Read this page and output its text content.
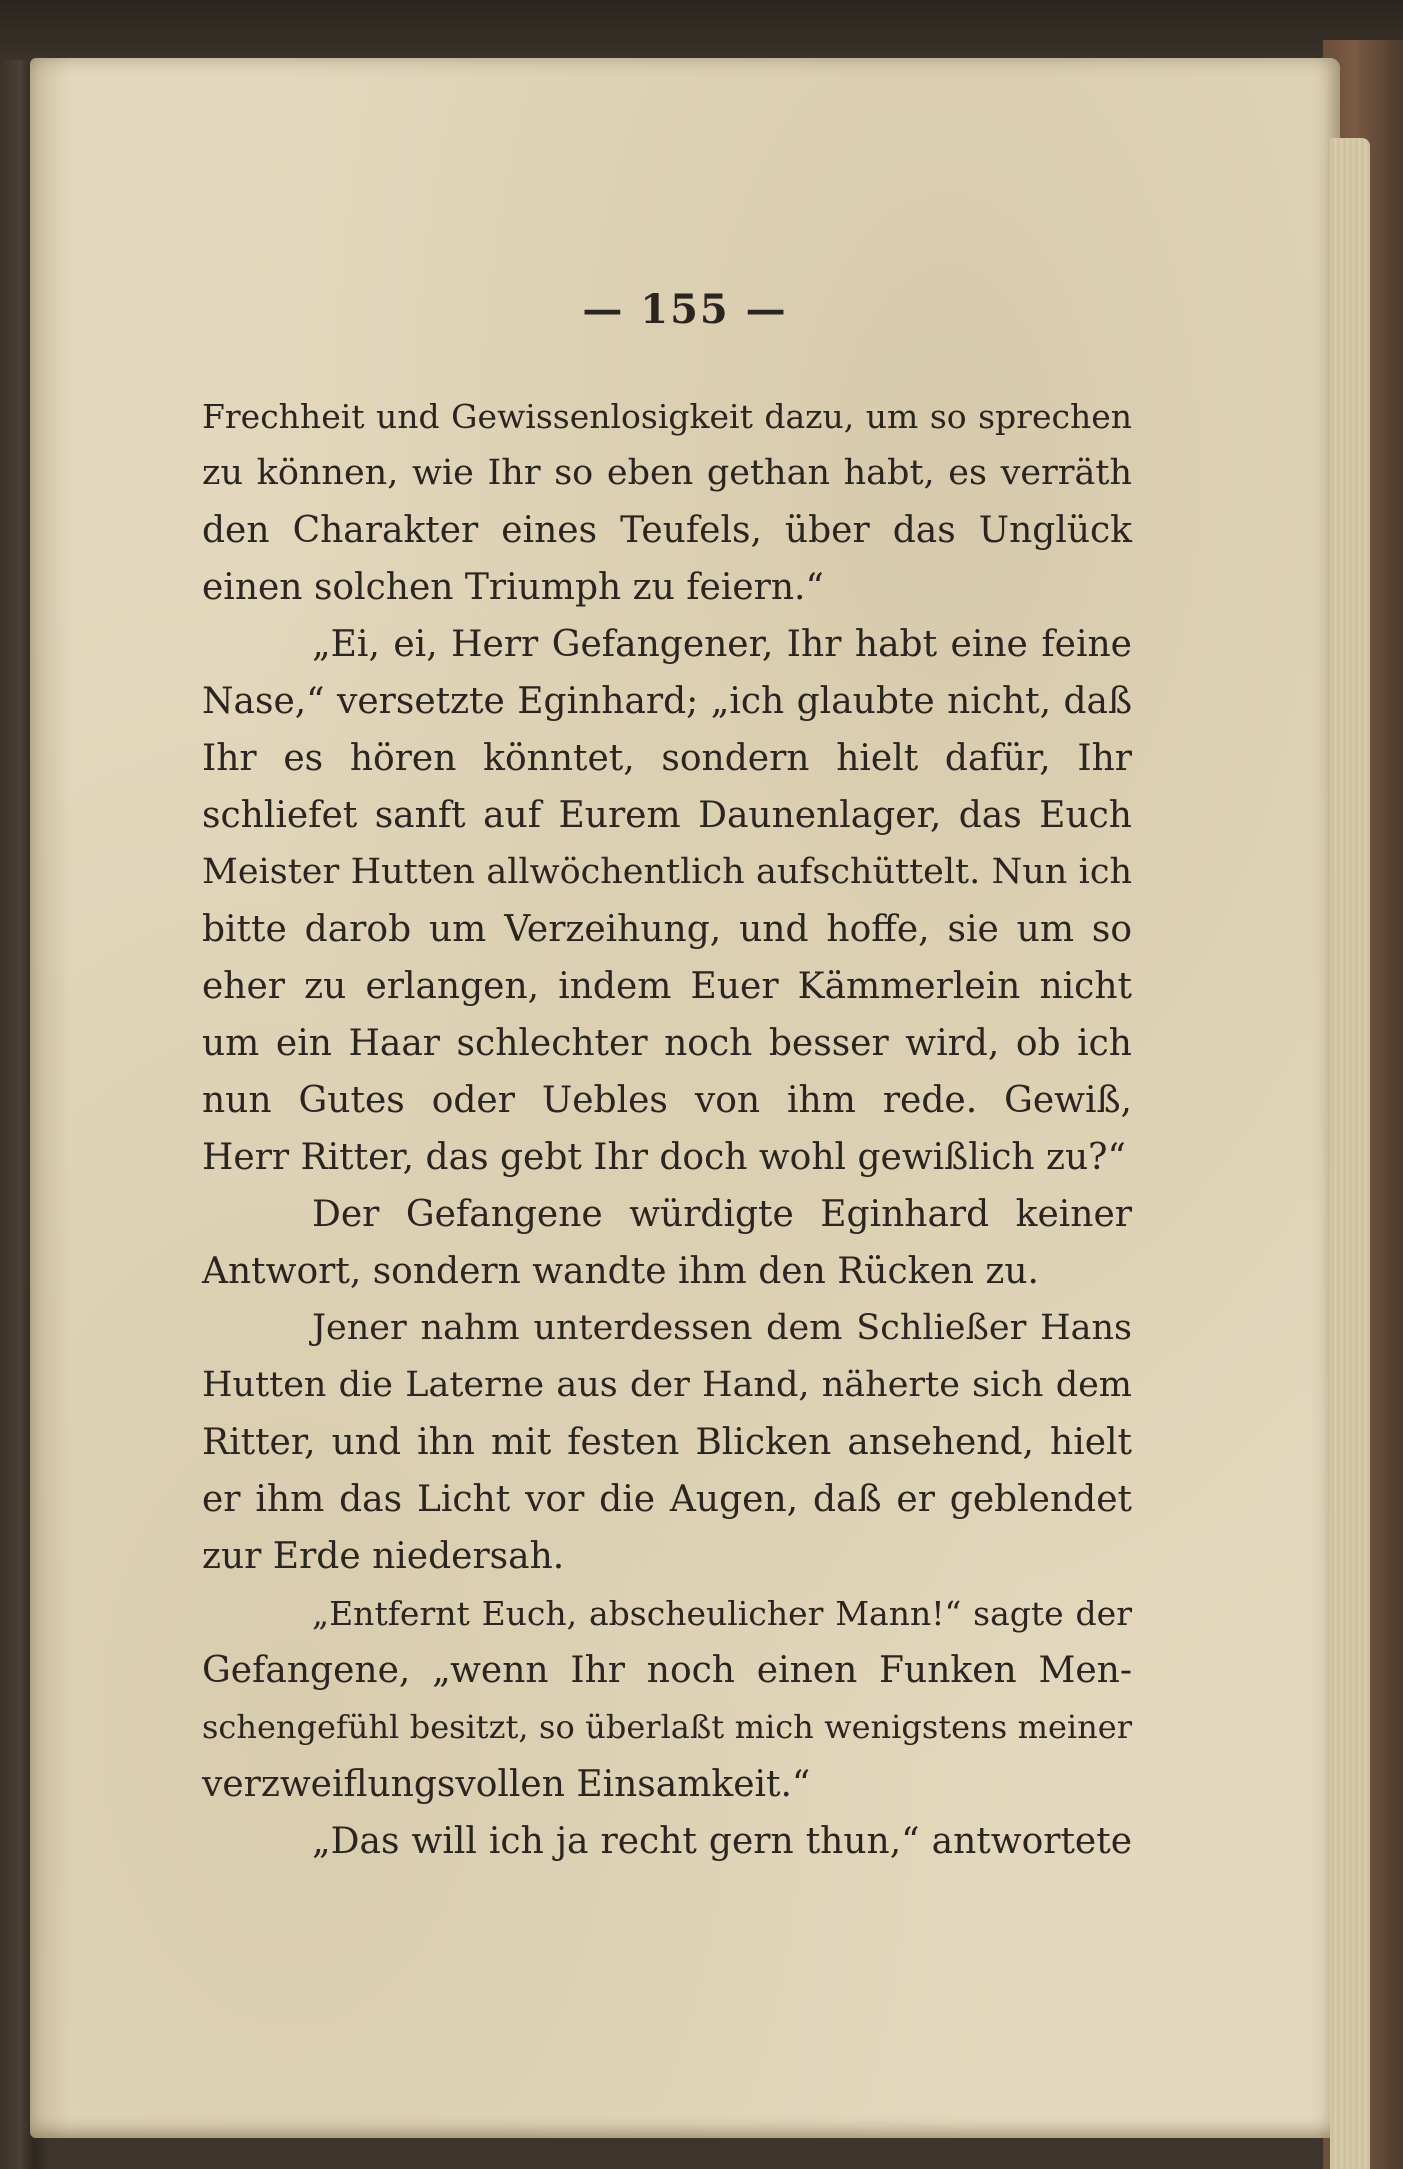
— 155 —
Frechheit und Gewissenlosigkeit dazu, um so sprechen
zu können, wie Ihr so eben gethan habt, es verräth
den Charakter eines Teufels, über das Unglück
einen solchen Triumph zu feiern.“
„Ei, ei, Herr Gefangener, Ihr habt eine feine
Nase,“ versetzte Eginhard; „ich glaubte nicht, daß
Ihr es hören könntet, sondern hielt dafür, Ihr
schliefet sanft auf Eurem Daunenlager, das Euch
Meister Hutten allwöchentlich aufschüttelt. Nun ich
bitte darob um Verzeihung, und hoffe, sie um so
eher zu erlangen, indem Euer Kämmerlein nicht
um ein Haar schlechter noch besser wird, ob ich
nun Gutes oder Uebles von ihm rede. Gewiß,
Herr Ritter, das gebt Ihr doch wohl gewißlich zu?“
Der Gefangene würdigte Eginhard keiner
Antwort, sondern wandte ihm den Rücken zu.
Jener nahm unterdessen dem Schließer Hans
Hutten die Laterne aus der Hand, näherte sich dem
Ritter, und ihn mit festen Blicken ansehend, hielt
er ihm das Licht vor die Augen, daß er geblendet
zur Erde niedersah.
„Entfernt Euch, abscheulicher Mann!“ sagte der
Gefangene, „wenn Ihr noch einen Funken Men-
schengefühl besitzt, so überlaßt mich wenigstens meiner
verzweiflungsvollen Einsamkeit.“
„Das will ich ja recht gern thun,“ antwortete
